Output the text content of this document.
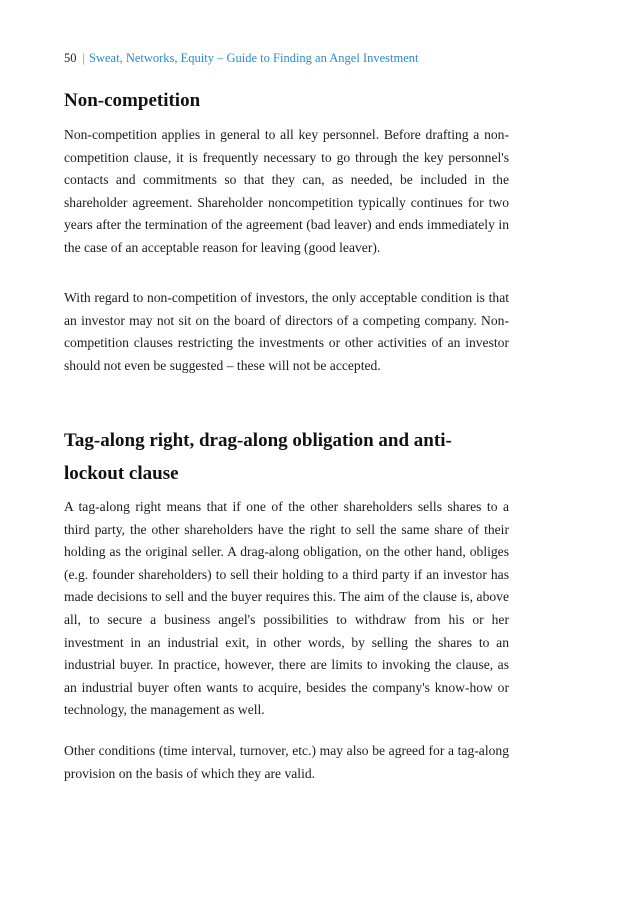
50 | Sweat, Networks, Equity – Guide to Finding an Angel Investment
Non-competition

Non-competition applies in general to all key personnel. Before drafting a non-competition clause, it is frequently necessary to go through the key personnel's contacts and commitments so that they can, as needed, be included in the shareholder agreement. Shareholder noncompetition typically continues for two years after the termination of the agreement (bad leaver) and ends immediately in the case of an acceptable reason for leaving (good leaver).

With regard to non-competition of investors, the only acceptable condition is that an investor may not sit on the board of directors of a competing company. Non-competition clauses restricting the investments or other activities of an investor should not even be suggested – these will not be accepted.

Tag-along right, drag-along obligation and anti-lockout clause

A tag-along right means that if one of the other shareholders sells shares to a third party, the other shareholders have the right to sell the same share of their holding as the original seller. A drag-along obligation, on the other hand, obliges (e.g. founder shareholders) to sell their holding to a third party if an investor has made decisions to sell and the buyer requires this. The aim of the clause is, above all, to secure a business angel's possibilities to withdraw from his or her investment in an industrial exit, in other words, by selling the shares to an industrial buyer. In practice, however, there are limits to invoking the clause, as an industrial buyer often wants to acquire, besides the company's know-how or technology, the management as well.

Other conditions (time interval, turnover, etc.) may also be agreed for a tag-along provision on the basis of which they are valid.
